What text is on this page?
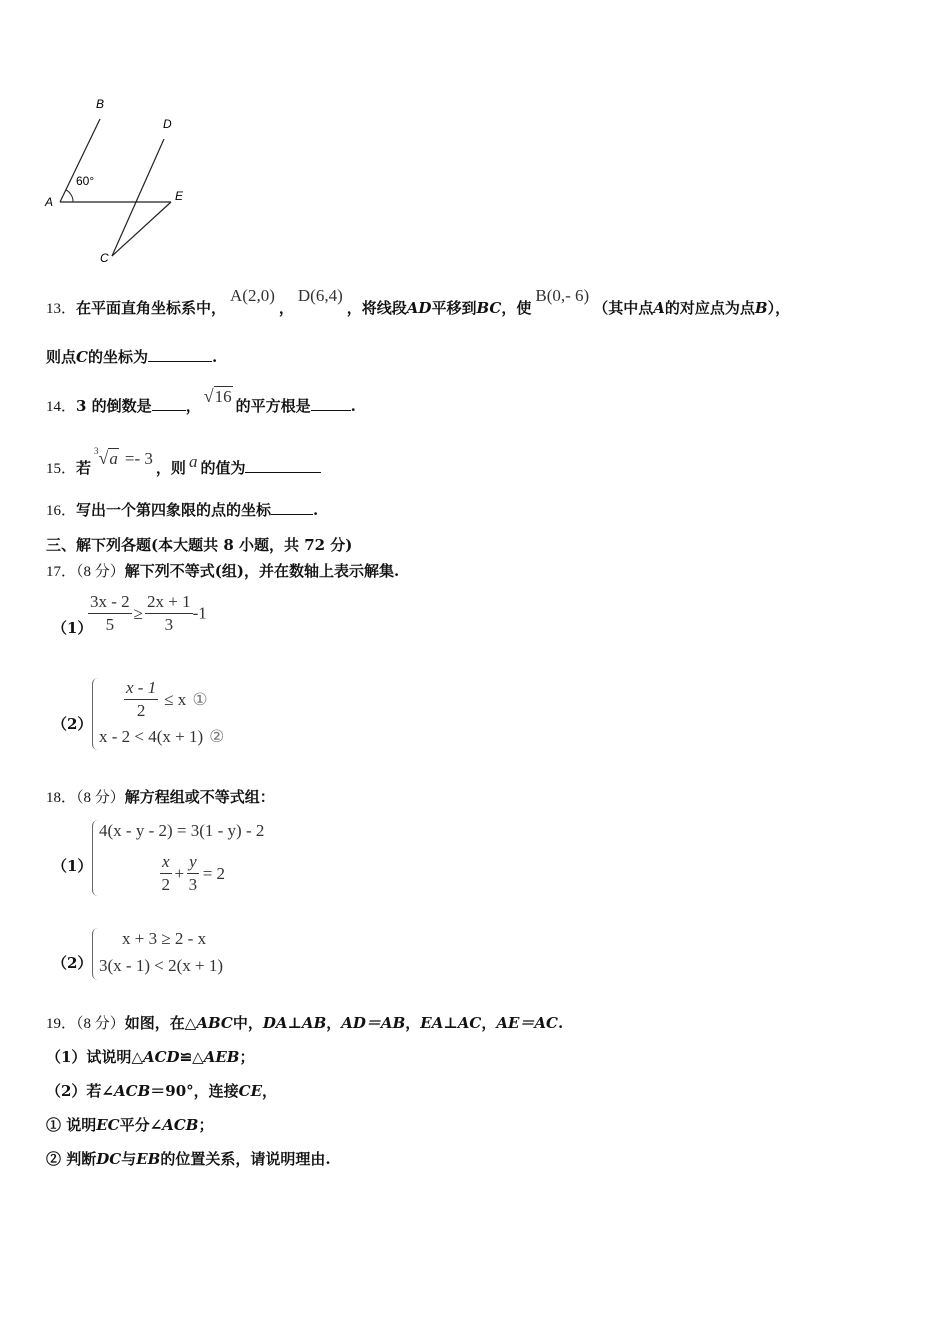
B
D
A	E
C
60°
13．在平面直角坐标系中，A(2,0)，D(6,4)，将线段AD平移到BC，使B(0,- 6)（其中点A的对应点为点B），
则点C的坐标为	.
14．3 的倒数是 ， √16 的平方根是	.
15．若$^3$√a =- 3 ，则 a 的值为
16．写出一个第四象限的点的坐标	.
三、解下列各题(本大题共 8 小题，共 72 分)
17．（8 分）解下列不等式(组)，并在数轴上表示解集.
（1）
$\frac{3x - 2}{5} \ge \frac{2x + 1}{3} -1$
（2）
$\frac{x - 1}{2} \le x$ ①
x - 2 < 4(x + 1) ②
18．（8 分）解方程组或不等式组：
（1）
4(x - y - 2) = 3(1 - y) - 2
$\frac{x}{2} + \frac{y}{3} = 2$
（2）
x + 3 ≥ 2 - x
3(x - 1) < 2(x + 1)
19．（8 分）如图，在△ABC中，DA⊥AB，AD＝AB，EA⊥AC，AE＝AC.
（1）试说明△ACD≌△AEB；
（2）若∠ACB＝90°，连接CE，
① 说明EC平分∠ACB；
② 判断DC与EB的位置关系，请说明理由.
